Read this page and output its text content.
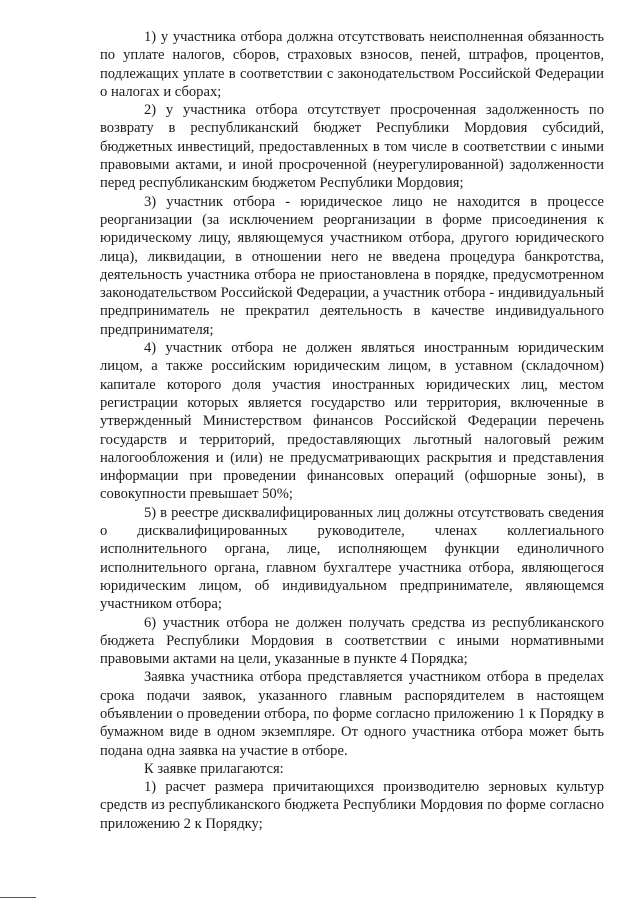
1) у участника отбора должна отсутствовать неисполненная обязанность по уплате налогов, сборов, страховых взносов, пеней, штрафов, процентов, подлежащих уплате в соответствии с законодательством Российской Федерации о налогах и сборах;

2) у участника отбора отсутствует просроченная задолженность по возврату в республиканский бюджет Республики Мордовия субсидий, бюджетных инвестиций, предоставленных в том числе в соответствии с иными правовыми актами, и иной просроченной (неурегулированной) задолженности перед республиканским бюджетом Республики Мордовия;

3) участник отбора - юридическое лицо не находится в процессе реорганизации (за исключением реорганизации в форме присоединения к юридическому лицу, являющемуся участником отбора, другого юридического лица), ликвидации, в отношении него не введена процедура банкротства, деятельность участника отбора не приостановлена в порядке, предусмотренном законодательством Российской Федерации, а участник отбора - индивидуальный предприниматель не прекратил деятельность в качестве индивидуального предпринимателя;

4) участник отбора не должен являться иностранным юридическим лицом, а также российским юридическим лицом, в уставном (складочном) капитале которого доля участия иностранных юридических лиц, местом регистрации которых является государство или территория, включенные в утвержденный Министерством финансов Российской Федерации перечень государств и территорий, предоставляющих льготный налоговый режим налогообложения и (или) не предусматривающих раскрытия и представления информации при проведении финансовых операций (офшорные зоны), в совокупности превышает 50%;

5) в реестре дисквалифицированных лиц должны отсутствовать сведения о дисквалифицированных руководителе, членах коллегиального исполнительного органа, лице, исполняющем функции единоличного исполнительного органа, главном бухгалтере участника отбора, являющегося юридическим лицом, об индивидуальном предпринимателе, являющемся участником отбора;

6) участник отбора не должен получать средства из республиканского бюджета Республики Мордовия в соответствии с иными нормативными правовыми актами на цели, указанные в пункте 4 Порядка;

Заявка участника отбора представляется участником отбора в пределах срока подачи заявок, указанного главным распорядителем в настоящем объявлении о проведении отбора, по форме согласно приложению 1 к Порядку в бумажном виде в одном экземпляре. От одного участника отбора может быть подана одна заявка на участие в отборе.

К заявке прилагаются:

1) расчет размера причитающихся производителю зерновых культур средств из республиканского бюджета Республики Мордовия по форме согласно приложению 2 к Порядку;
